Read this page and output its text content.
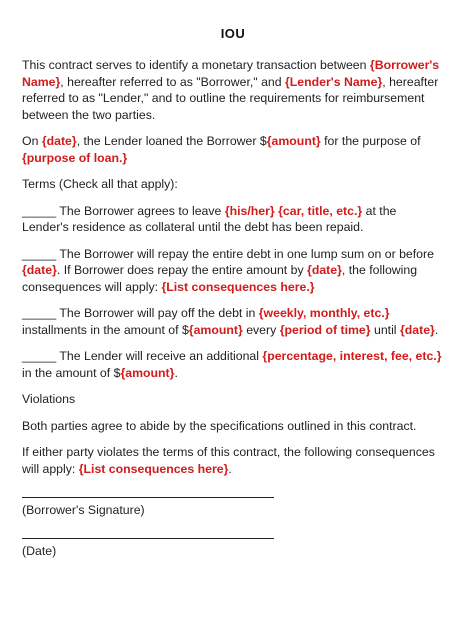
IOU

This contract serves to identify a monetary transaction between {Borrower's Name}, hereafter referred to as "Borrower," and {Lender's Name}, hereafter referred to as "Lender," and to outline the requirements for reimbursement between the two parties.

On {date}, the Lender loaned the Borrower ${amount} for the purpose of {purpose of loan.}

Terms (Check all that apply):

_____ The Borrower agrees to leave {his/her} {car, title, etc.} at the Lender's residence as collateral until the debt has been repaid.

_____ The Borrower will repay the entire debt in one lump sum on or before {date}. If Borrower does repay the entire amount by {date}, the following consequences will apply: {List consequences here.}

_____ The Borrower will pay off the debt in {weekly, monthly, etc.} installments in the amount of ${amount} every {period of time} until {date}.

_____ The Lender will receive an additional {percentage, interest, fee, etc.} in the amount of ${amount}.

Violations

Both parties agree to abide by the specifications outlined in this contract.

If either party violates the terms of this contract, the following consequences will apply: {List consequences here}.

(Borrower's Signature)

(Date)
